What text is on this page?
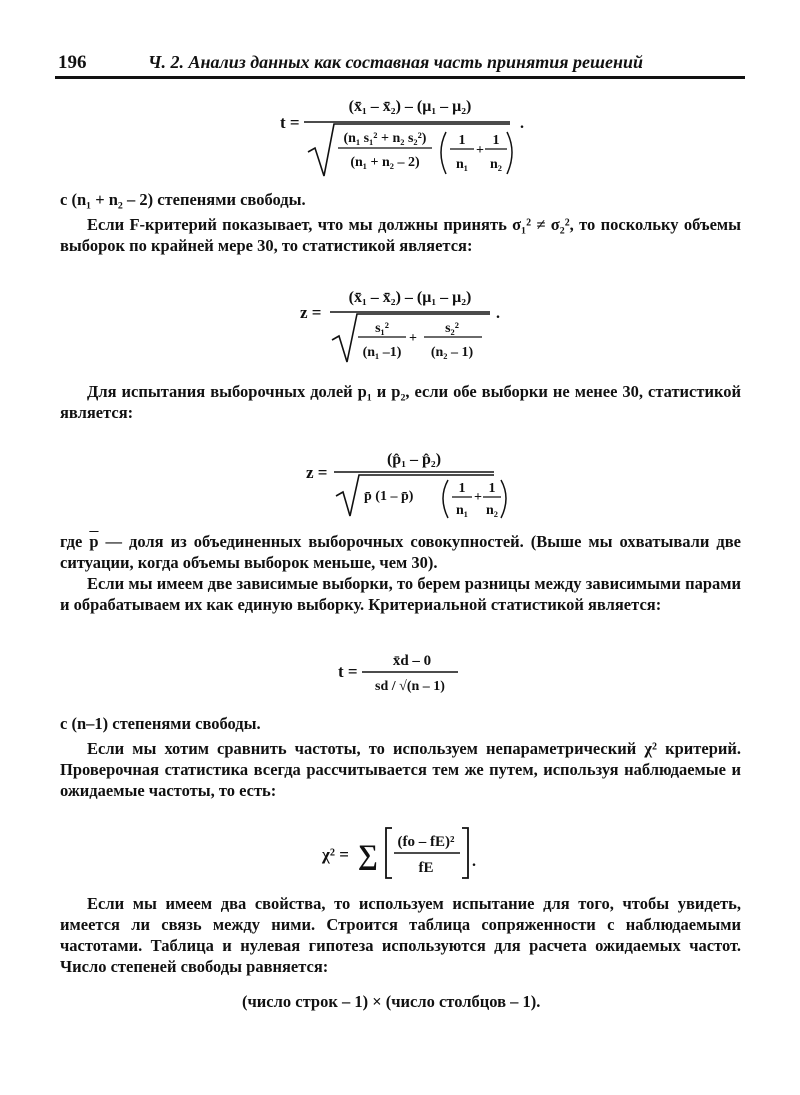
196	Ч. 2. Анализ данных как составная часть принятия решений
t =
(x̄₁ – x̄₂) – (μ₁ – μ₂)
(n₁ s₁² + n₂ s₂²)
(n₁ + n₂ – 2)
1
n₁
+
1
n₂
.
с (n₁ + n₂ – 2) степенями свободы.
Если F-критерий показывает, что мы должны принять σ₁² ≠ σ₂², то поскольку объемы выборок по крайней мере 30, то статистикой является:
z =
(x̄₁ – x̄₂) – (μ₁ – μ₂)
s₁²
(n₁ –1)
+
s₂²
(n₂ – 1)
.
Для испытания выборочных долей p₁ и p₂, если обе выборки не менее 30, статистикой является:
z =
(p̂₁ – p̂₂)
p̄ (1 – p̄)
1
n₁
+
1
n₂
где $\overline{p}$ — доля из объединенных выборочных совокупностей. (Выше мы охватывали две ситуации, когда объемы выборок меньше, чем 30).
Если мы имеем две зависимые выборки, то берем разницы между зависимыми парами и обрабатываем их как единую выборку. Критериальной статистикой является:
t =
x̄d – 0
sd / √(n – 1)
с (n–1) степенями свободы.
Если мы хотим сравнить частоты, то используем непараметрический χ² критерий. Проверочная статистика всегда рассчитывается тем же путем, используя наблюдаемые и ожидаемые частоты, то есть:
χ² = ∑ (fo – fE)²
fE .
Если мы имеем два свойства, то используем испытание для того, чтобы увидеть, имеется ли связь между ними. Строится таблица сопряженности с наблюдаемыми частотами. Таблица и нулевая гипотеза используются для расчета ожидаемых частот. Число степеней свободы равняется:
(число строк – 1) × (число столбцов – 1).
